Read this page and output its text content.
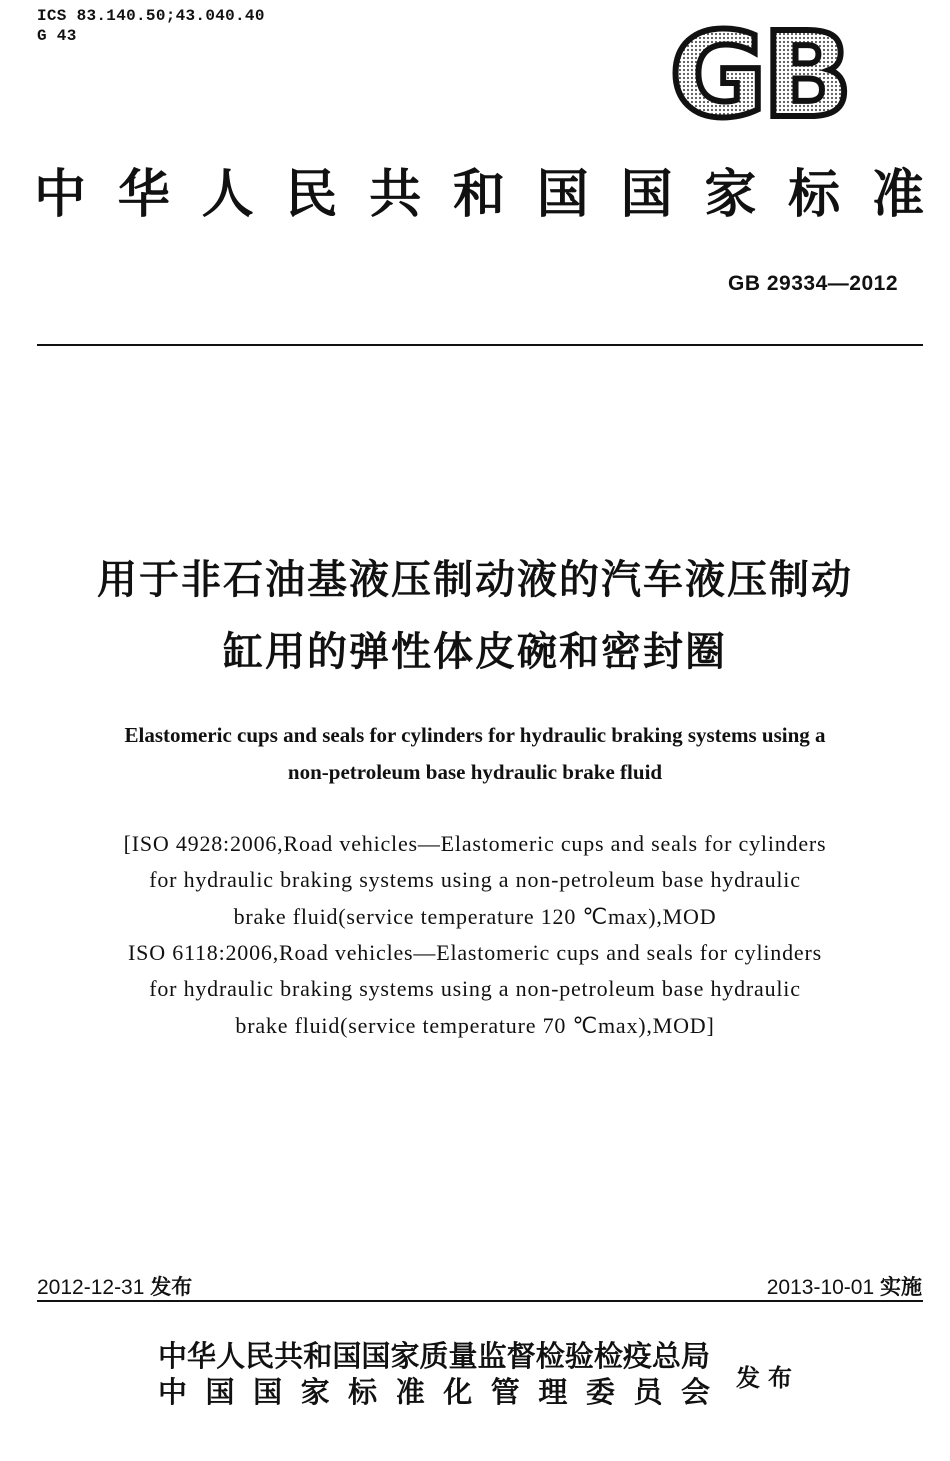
ICS 83.140.50;43.040.40
G 43	GB
中华人民共和国国家标准
GB 29334—2012
用于非石油基液压制动液的汽车液压制动
缸用的弹性体皮碗和密封圈
Elastomeric cups and seals for cylinders for hydraulic braking systems using a
non-petroleum base hydraulic brake fluid
[ISO 4928:2006,Road vehicles—Elastomeric cups and seals for cylinders
for hydraulic braking systems using a non-petroleum base hydraulic
brake fluid(service temperature 120 ℃max),MOD
ISO 6118:2006,Road vehicles—Elastomeric cups and seals for cylinders
for hydraulic braking systems using a non-petroleum base hydraulic
brake fluid(service temperature 70 ℃max),MOD]
2012-12-31 发布	2013-10-01 实施
中华人民共和国国家质量监督检验检疫总局
中国国家标准化管理委员会 发布
